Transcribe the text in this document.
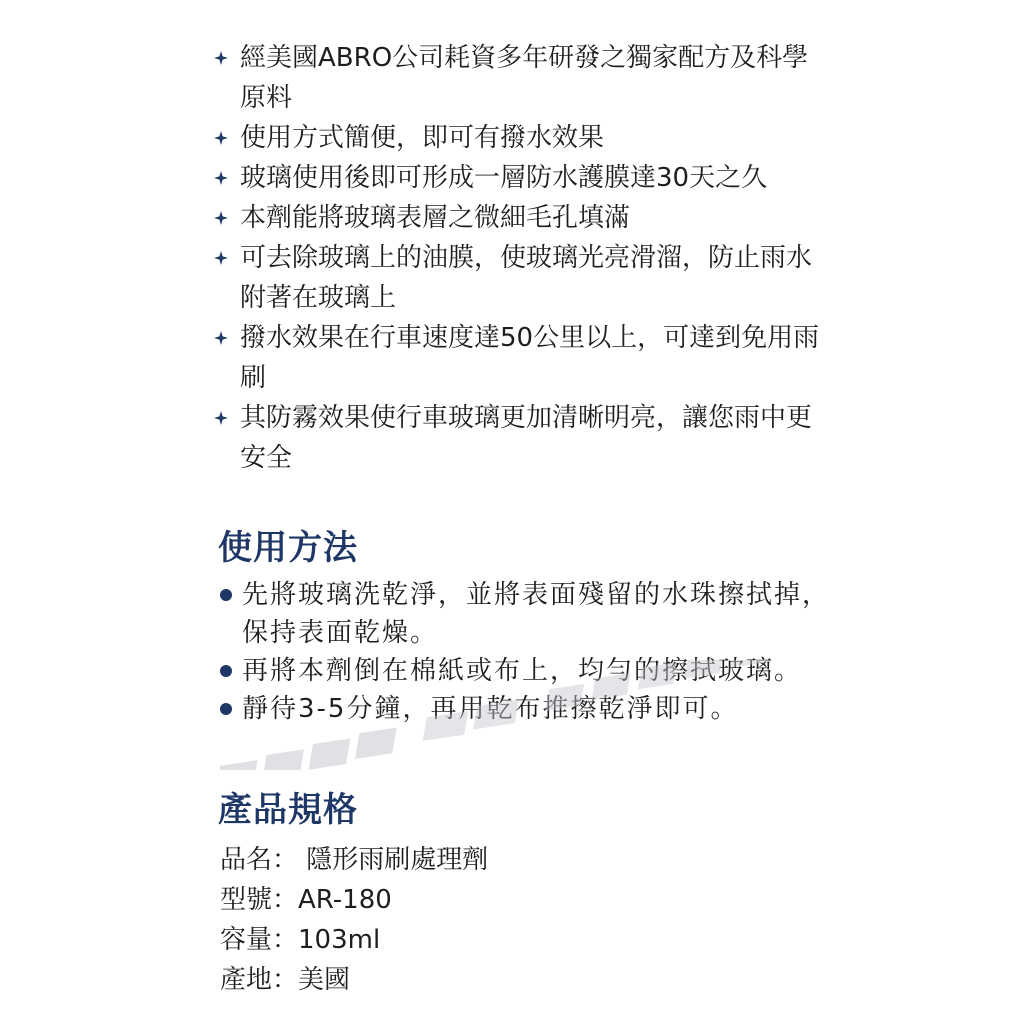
經美國ABRO公司耗資多年研發之獨家配方及科學原料
使用方式簡便，即可有撥水效果
玻璃使用後即可形成一層防水護膜達30天之久
本劑能將玻璃表層之微細毛孔填滿
可去除玻璃上的油膜，使玻璃光亮滑溜，防止雨水附著在玻璃上
撥水效果在行車速度達50公里以上，可達到免用雨刷
其防霧效果使行車玻璃更加清晰明亮，讓您雨中更安全
使用方法
先將玻璃洗乾淨，並將表面殘留的水珠擦拭掉，保持表面乾燥。
再將本劑倒在棉紙或布上，均勻的擦拭玻璃。
靜待3-5分鐘，再用乾布推擦乾淨即可。
產品規格
品名： 隱形雨刷處理劑
型號：AR-180
容量：103ml
產地：美國
